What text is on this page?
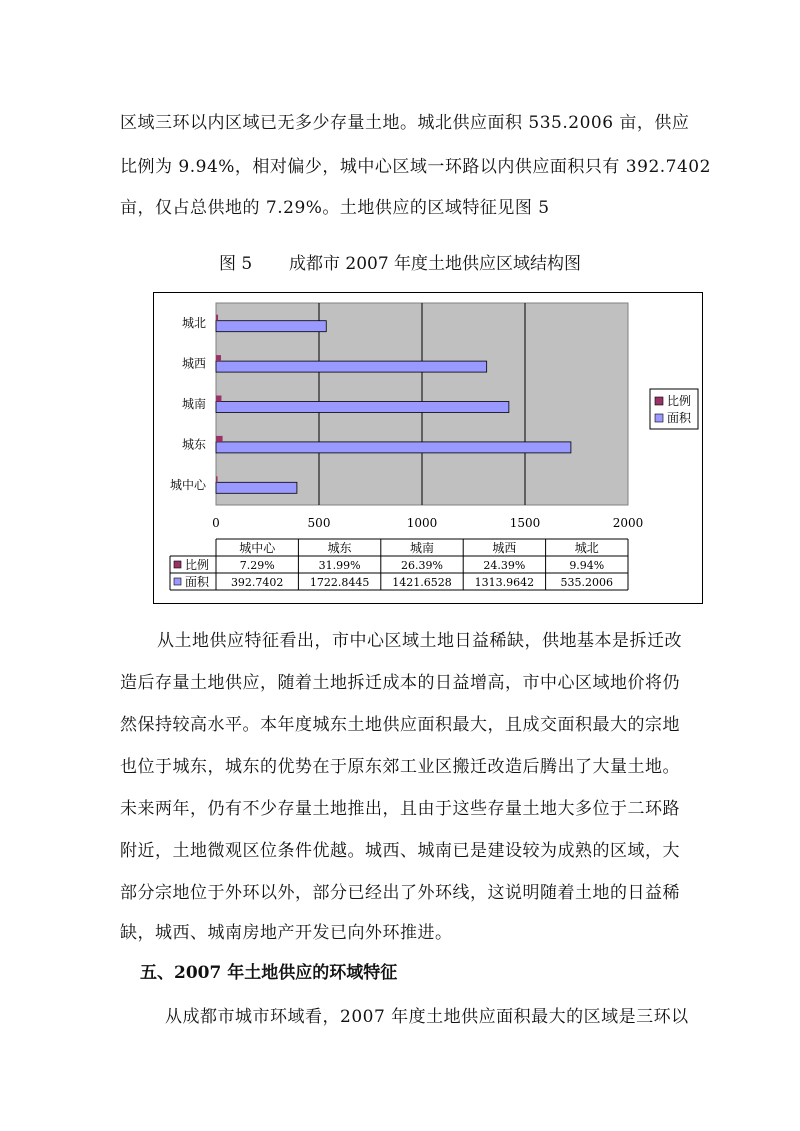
区域三环以内区域已无多少存量土地。城北供应面积 535.2006 亩，供应
比例为 9.94%，相对偏少，城中心区域一环路以内供应面积只有 392.7402
亩，仅占总供地的 7.29%。土地供应的区域特征见图 5
图 5 成都市 2007 年度土地供应区域结构图
0	500	1000	1500	2000
城中心
城东
城南
城西
城北
比例
面积
城中心	城东	城南	城西	城北
比例	7.29%	31.99%	26.39%	24.39%	9.94%
面积 392.7402 1722.8445 1421.6528 1313.9642 535.2006
从土地供应特征看出，市中心区域土地日益稀缺，供地基本是拆迁改
造后存量土地供应，随着土地拆迁成本的日益增高，市中心区域地价将仍
然保持较高水平。本年度城东土地供应面积最大，且成交面积最大的宗地
也位于城东，城东的优势在于原东郊工业区搬迁改造后腾出了大量土地。
未来两年，仍有不少存量土地推出，且由于这些存量土地大多位于二环路
附近，土地微观区位条件优越。城西、城南已是建设较为成熟的区域，大
部分宗地位于外环以外，部分已经出了外环线，这说明随着土地的日益稀
缺，城西、城南房地产开发已向外环推进。
五、2007 年土地供应的环域特征
从成都市城市环域看，2007 年度土地供应面积最大的区域是三环以
